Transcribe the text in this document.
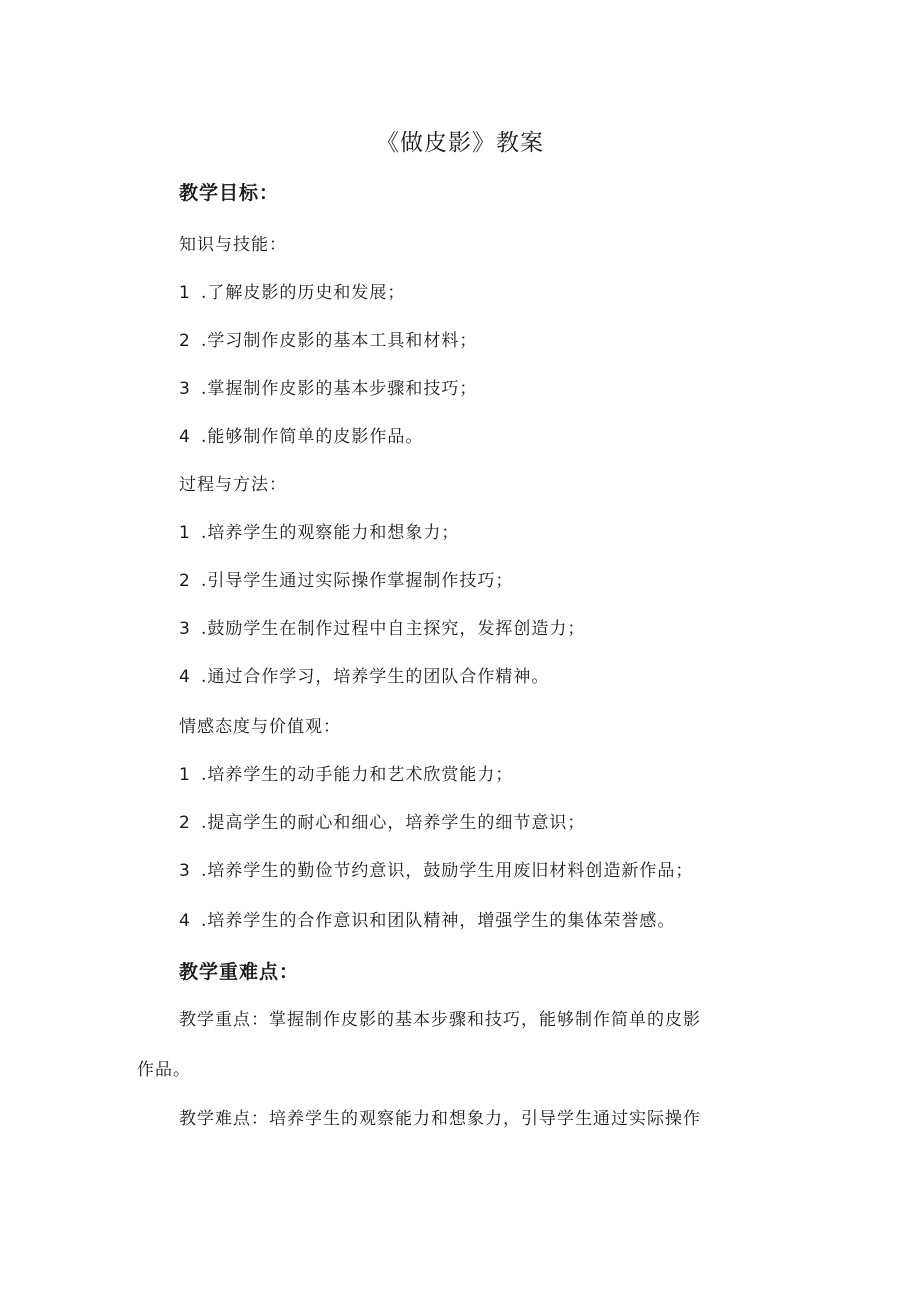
《做皮影》教案
教学目标：
知识与技能：
1 .了解皮影的历史和发展；
2 .学习制作皮影的基本工具和材料；
3 .掌握制作皮影的基本步骤和技巧；
4 .能够制作简单的皮影作品。
过程与方法：
1 .培养学生的观察能力和想象力；
2 .引导学生通过实际操作掌握制作技巧；
3 .鼓励学生在制作过程中自主探究，发挥创造力；
4 .通过合作学习，培养学生的团队合作精神。
情感态度与价值观：
1 .培养学生的动手能力和艺术欣赏能力；
2 .提高学生的耐心和细心，培养学生的细节意识；
3 .培养学生的勤俭节约意识，鼓励学生用废旧材料创造新作品；
4 .培养学生的合作意识和团队精神，增强学生的集体荣誉感。
教学重难点：
教学重点：掌握制作皮影的基本步骤和技巧，能够制作简单的皮影
作品。
教学难点：培养学生的观察能力和想象力，引导学生通过实际操作
